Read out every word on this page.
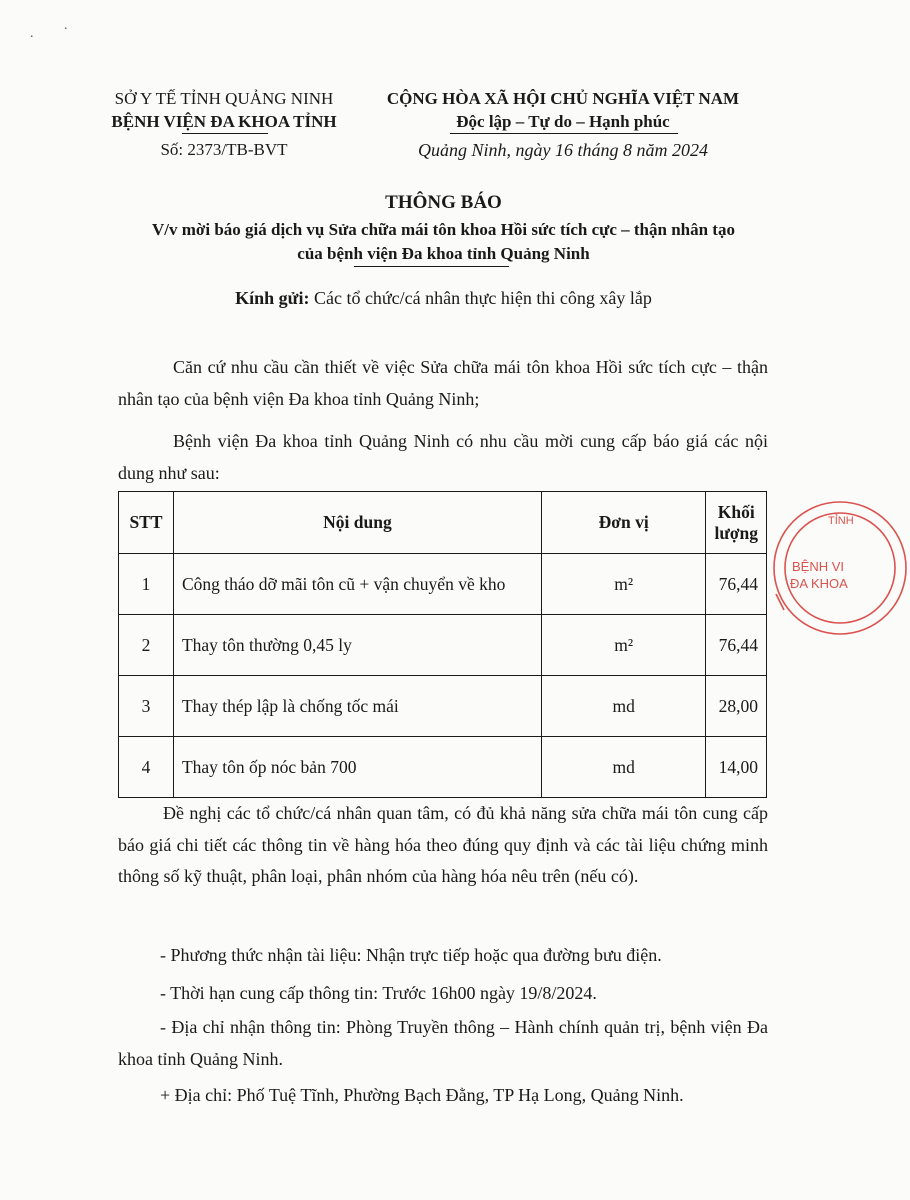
.
.
SỞ Y TẾ TỈNH QUẢNG NINH
BỆNH VIỆN ĐA KHOA TỈNH
Số: 2373/TB-BVT
CỘNG HÒA XÃ HỘI CHỦ NGHĨA VIỆT NAM
Độc lập – Tự do – Hạnh phúc
Quảng Ninh, ngày 16 tháng 8 năm 2024
THÔNG BÁO
V/v mời báo giá dịch vụ Sửa chữa mái tôn khoa Hồi sức tích cực – thận nhân tạo
của bệnh viện Đa khoa tỉnh Quảng Ninh
Kính gửi: Các tổ chức/cá nhân thực hiện thi công xây lắp
Căn cứ nhu cầu cần thiết về việc Sửa chữa mái tôn khoa Hồi sức tích cực – thận nhân tạo của bệnh viện Đa khoa tỉnh Quảng Ninh;
Bệnh viện Đa khoa tỉnh Quảng Ninh có nhu cầu mời cung cấp báo giá các nội dung như sau:
STT	Nội dung	Đơn vị	Khối lượng
1	Công tháo dỡ mãi tôn cũ + vận chuyển về kho	m²	76,44
2	Thay tôn thường 0,45 ly	m²	76,44
3	Thay thép lập là chống tốc mái	md	28,00
4	Thay tôn ốp nóc bản 700	md	14,00
TỈNH
BỆNH VI
ĐA KHOA
Đề nghị các tổ chức/cá nhân quan tâm, có đủ khả năng sửa chữa mái tôn cung cấp báo giá chi tiết các thông tin về hàng hóa theo đúng quy định và các tài liệu chứng minh thông số kỹ thuật, phân loại, phân nhóm của hàng hóa nêu trên (nếu có).
- Phương thức nhận tài liệu: Nhận trực tiếp hoặc qua đường bưu điện.
- Thời hạn cung cấp thông tin: Trước 16h00 ngày 19/8/2024.
- Địa chỉ nhận thông tin: Phòng Truyền thông – Hành chính quản trị, bệnh viện Đa khoa tỉnh Quảng Ninh.
+ Địa chỉ: Phố Tuệ Tĩnh, Phường Bạch Đằng, TP Hạ Long, Quảng Ninh.
